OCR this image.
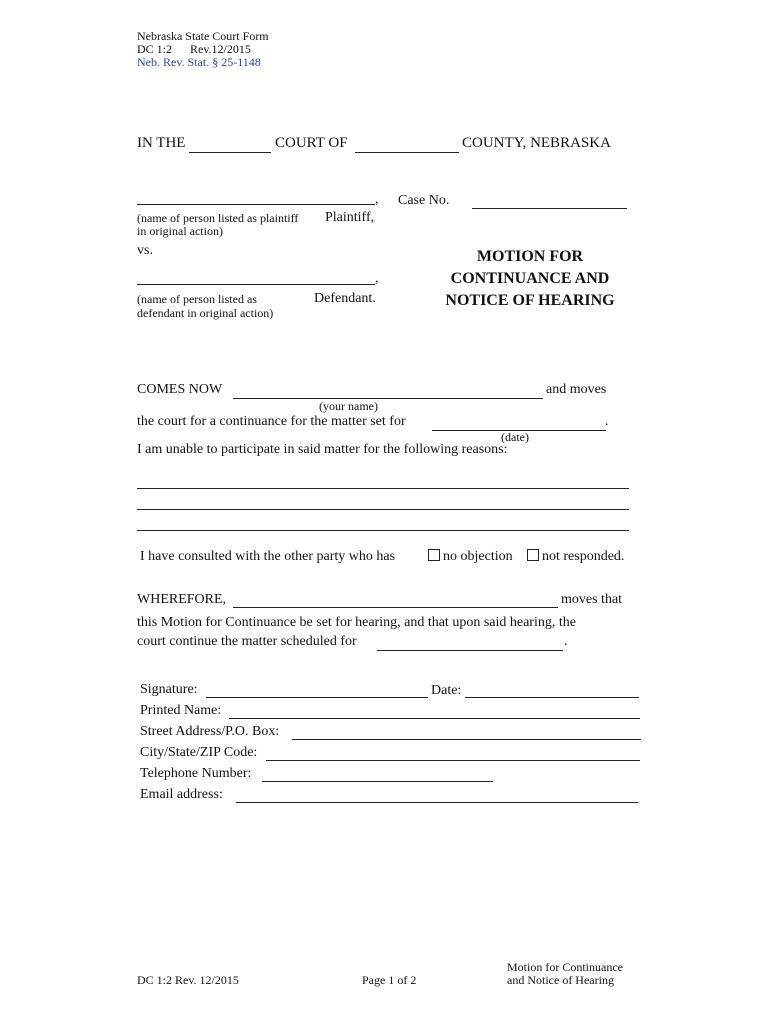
Nebraska State Court Form
DC 1:2 Rev.12/2015
Neb. Rev. Stat. § 25-1148
IN THE	COURT OF	COUNTY, NEBRASKA
,
(name of person listed as plaintiff
in original action)
Plaintiff,
Case No.
vs.
,
(name of person listed as
defendant in original action)
Defendant.
MOTION FOR
CONTINUANCE AND
NOTICE OF HEARING
COMES NOW	and moves
(your name)
the court for a continuance for the matter set for	.
(date)
I am unable to participate in said matter for the following reasons:
I have consulted with the other party who has	no objection	not responded.
WHEREFORE,	moves that
this Motion for Continuance be set for hearing, and that upon said hearing, the
court continue the matter scheduled for	.
Signature:	Date:
Printed Name:
Street Address/P.O. Box:
City/State/ZIP Code:
Telephone Number:
Email address:
DC 1:2 Rev. 12/2015	Page 1 of 2
Motion for Continuance
and Notice of Hearing
